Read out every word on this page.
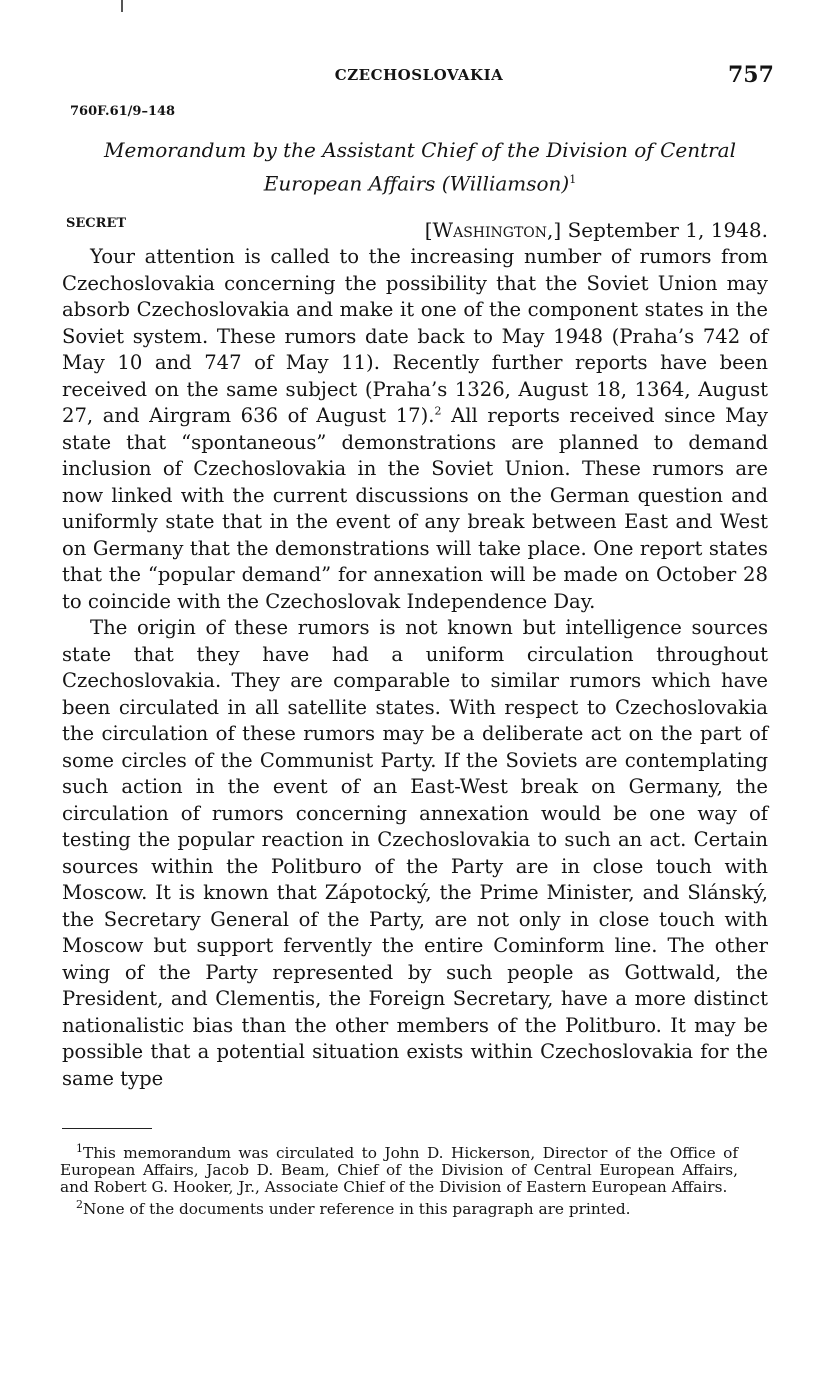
CZECHOSLOVAKIA	757
760F.61/9–148
Memorandum by the Assistant Chief of the Division of Central
European Affairs (Williamson)$^1$
SECRET	[Washington,] September 1, 1948.

Your attention is called to the increasing number of rumors from Czechoslovakia concerning the possibility that the Soviet Union may absorb Czechoslovakia and make it one of the component states in the Soviet system. These rumors date back to May 1948 (Praha’s 742 of May 10 and 747 of May 11). Recently further reports have been received on the same subject (Praha’s 1326, August 18, 1364, August 27, and Airgram 636 of August 17).$^2$ All reports received since May state that “spontaneous” demonstrations are planned to demand inclusion of Czechoslovakia in the Soviet Union. These rumors are now linked with the current discussions on the German question and uniformly state that in the event of any break between East and West on Germany that the demonstrations will take place. One report states that the “popular demand” for annexation will be made on October 28 to coincide with the Czechoslovak Independence Day.

The origin of these rumors is not known but intelligence sources state that they have had a uniform circulation throughout Czechoslovakia. They are comparable to similar rumors which have been circulated in all satellite states. With respect to Czechoslovakia the circulation of these rumors may be a deliberate act on the part of some circles of the Communist Party. If the Soviets are contemplating such action in the event of an East-West break on Germany, the circulation of rumors concerning annexation would be one way of testing the popular reaction in Czechoslovakia to such an act. Certain sources within the Politburo of the Party are in close touch with Moscow. It is known that Zápotocký, the Prime Minister, and Slánský, the Secretary General of the Party, are not only in close touch with Moscow but support fervently the entire Cominform line. The other wing of the Party represented by such people as Gottwald, the President, and Clementis, the Foreign Secretary, have a more distinct nationalistic bias than the other members of the Politburo. It may be possible that a potential situation exists within Czechoslovakia for the same type

$^1$This memorandum was circulated to John D. Hickerson, Director of the Office of European Affairs, Jacob D. Beam, Chief of the Division of Central European Affairs, and Robert G. Hooker, Jr., Associate Chief of the Division of Eastern European Affairs.

$^2$None of the documents under reference in this paragraph are printed.
